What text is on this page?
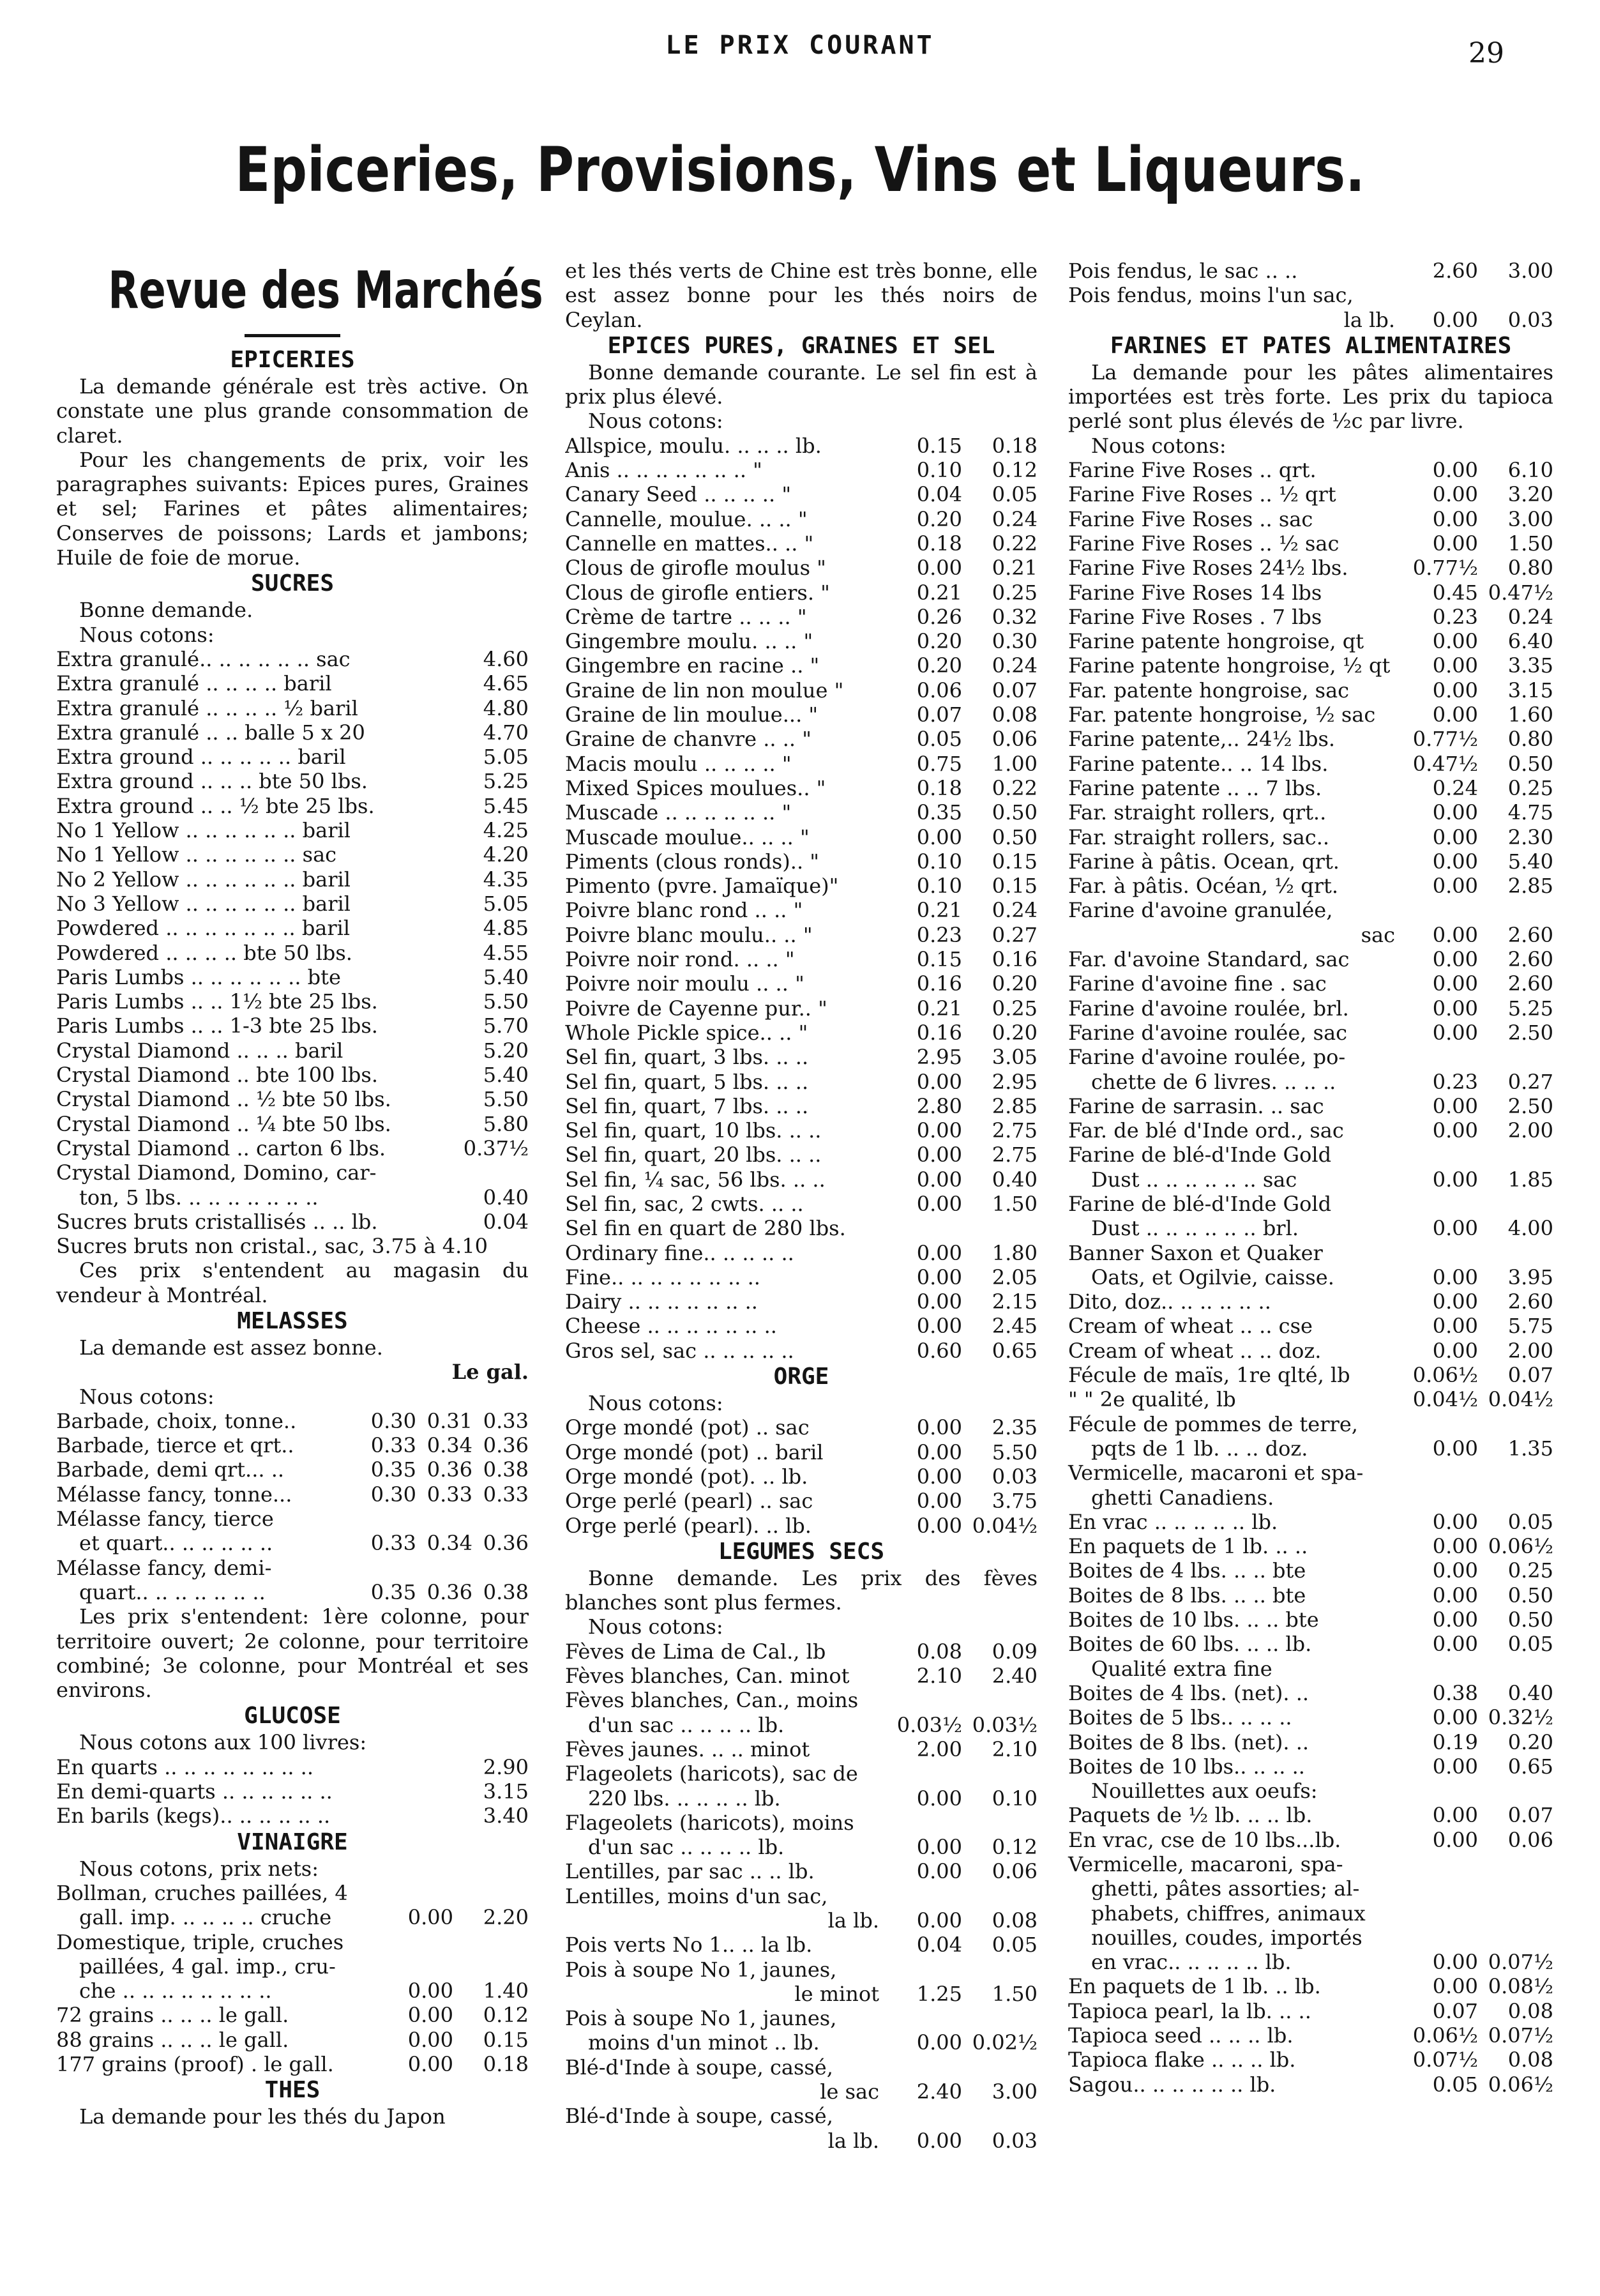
LE PRIX COURANT	29
Epiceries, Provisions, Vins et Liqueurs.
Revue des Marchés
EPICERIES
La demande générale est très active. On constate une plus grande consommation de claret.
Pour les changements de prix, voir les paragraphes suivants: Epices pures, Graines et sel; Farines et pâtes alimentaires; Conserves de poissons; Lards et jambons; Huile de foie de morue.
SUCRES
Bonne demande.
Nous cotons:
Extra granulé.. .. .. .. .. .. sac	4.60
Extra granulé .. .. .. .. baril	4.65
Extra granulé .. .. .. .. ½ baril	4.80
Extra granulé .. .. balle 5 x 20	4.70
Extra ground .. .. .. .. .. baril	5.05
Extra ground .. .. .. bte 50 lbs.	5.25
Extra ground .. .. ½ bte 25 lbs.	5.45
No 1 Yellow .. .. .. .. .. .. baril	4.25
No 1 Yellow .. .. .. .. .. .. sac	4.20
No 2 Yellow .. .. .. .. .. .. baril	4.35
No 3 Yellow .. .. .. .. .. .. baril	5.05
Powdered .. .. .. .. .. .. .. baril	4.85
Powdered .. .. .. .. bte 50 lbs.	4.55
Paris Lumbs .. .. .. .. .. .. bte	5.40
Paris Lumbs .. .. 1½ bte 25 lbs.	5.50
Paris Lumbs .. .. 1-3 bte 25 lbs.	5.70
Crystal Diamond .. .. .. baril	5.20
Crystal Diamond .. bte 100 lbs.	5.40
Crystal Diamond .. ½ bte 50 lbs.	5.50
Crystal Diamond .. ¼ bte 50 lbs.	5.80
Crystal Diamond .. carton 6 lbs.	0.37½
Crystal Diamond, Domino, car-
ton, 5 lbs. .. .. .. .. .. .. ..	0.40
Sucres bruts cristallisés .. .. lb.	0.04
Sucres bruts non cristal., sac, 3.75 à 4.10
Ces prix s'entendent au magasin du vendeur à Montréal.
MELASSES
La demande est assez bonne.
Le gal.
Nous cotons:
Barbade, choix, tonne..	0.30 0.31 0.33
Barbade, tierce et qrt..	0.33 0.34 0.36
Barbade, demi qrt... ..	0.35 0.36 0.38
Mélasse fancy, tonne...	0.30 0.33 0.33
Mélasse fancy, tierce
et quart.. .. .. .. .. ..	0.33 0.34 0.36
Mélasse fancy, demi-
quart.. .. .. .. .. .. ..	0.35 0.36 0.38
Les prix s'entendent: 1ère colonne, pour territoire ouvert; 2e colonne, pour territoire combiné; 3e colonne, pour Montréal et ses environs.
GLUCOSE
Nous cotons aux 100 livres:
En quarts .. .. .. .. .. .. .. ..	2.90
En demi-quarts .. .. .. .. .. ..	3.15
En barils (kegs).. .. .. .. .. ..	3.40
VINAIGRE
Nous cotons, prix nets:
Bollman, cruches paillées, 4
gall. imp. .. .. .. .. cruche	0.00	2.20
Domestique, triple, cruches
paillées, 4 gal. imp., cru-
che .. .. .. .. .. .. .. ..	0.00	1.40
72 grains .. .. .. le gall.	0.00	0.12
88 grains .. .. .. le gall.	0.00	0.15
177 grains (proof) . le gall.	0.00	0.18
THES
La demande pour les thés du Japon
et les thés verts de Chine est très bonne, elle est assez bonne pour les thés noirs de Ceylan.
EPICES PURES, GRAINES ET SEL
Bonne demande courante. Le sel fin est à prix plus élevé.
Nous cotons:
Allspice, moulu. .. .. .. lb.	0.15	0.18
Anis .. .. .. .. .. .. .. "	0.10	0.12
Canary Seed .. .. .. .. "	0.04	0.05
Cannelle, moulue. .. .. "	0.20	0.24
Cannelle en mattes.. .. "	0.18	0.22
Clous de girofle moulus "	0.00	0.21
Clous de girofle entiers. "	0.21	0.25
Crème de tartre .. .. .. "	0.26	0.32
Gingembre moulu. .. .. "	0.20	0.30
Gingembre en racine .. "	0.20	0.24
Graine de lin non moulue "	0.06	0.07
Graine de lin moulue... "	0.07	0.08
Graine de chanvre .. .. "	0.05	0.06
Macis moulu .. .. .. .. "	0.75	1.00
Mixed Spices moulues.. "	0.18	0.22
Muscade .. .. .. .. .. .. "	0.35	0.50
Muscade moulue.. .. .. "	0.00	0.50
Piments (clous ronds).. "	0.10	0.15
Pimento (pvre. Jamaïque)"	0.10	0.15
Poivre blanc rond .. .. "	0.21	0.24
Poivre blanc moulu.. .. "	0.23	0.27
Poivre noir rond. .. .. "	0.15	0.16
Poivre noir moulu .. .. "	0.16	0.20
Poivre de Cayenne pur.. "	0.21	0.25
Whole Pickle spice.. .. "	0.16	0.20
Sel fin, quart, 3 lbs. .. ..	2.95	3.05
Sel fin, quart, 5 lbs. .. ..	0.00	2.95
Sel fin, quart, 7 lbs. .. ..	2.80	2.85
Sel fin, quart, 10 lbs. .. ..	0.00	2.75
Sel fin, quart, 20 lbs. .. ..	0.00	2.75
Sel fin, ¼ sac, 56 lbs. .. ..	0.00	0.40
Sel fin, sac, 2 cwts. .. ..	0.00	1.50
Sel fin en quart de 280 lbs.
Ordinary fine.. .. .. .. ..	0.00	1.80
Fine.. .. .. .. .. .. .. ..	0.00	2.05
Dairy .. .. .. .. .. .. ..	0.00	2.15
Cheese .. .. .. .. .. .. ..	0.00	2.45
Gros sel, sac .. .. .. .. ..	0.60	0.65
ORGE
Nous cotons:
Orge mondé (pot) .. sac	0.00	2.35
Orge mondé (pot) .. baril	0.00	5.50
Orge mondé (pot). .. lb.	0.00	0.03
Orge perlé (pearl) .. sac	0.00	3.75
Orge perlé (pearl). .. lb.	0.00 0.04½
LEGUMES SECS
Bonne demande. Les prix des fèves blanches sont plus fermes.
Nous cotons:
Fèves de Lima de Cal., lb	0.08	0.09
Fèves blanches, Can. minot	2.10	2.40
Fèves blanches, Can., moins
d'un sac .. .. .. .. lb.	0.03½ 0.03½
Fèves jaunes. .. .. minot	2.00	2.10
Flageolets (haricots), sac de
220 lbs. .. .. .. .. lb.	0.00	0.10
Flageolets (haricots), moins
d'un sac .. .. .. .. lb.	0.00	0.12
Lentilles, par sac .. .. lb.	0.00	0.06
Lentilles, moins d'un sac,
la lb.	0.00	0.08
Pois verts No 1.. .. la lb.	0.04	0.05
Pois à soupe No 1, jaunes,
le minot	1.25	1.50
Pois à soupe No 1, jaunes,
moins d'un minot .. lb.	0.00 0.02½
Blé-d'Inde à soupe, cassé,
le sac	2.40	3.00
Blé-d'Inde à soupe, cassé,
la lb.	0.00	0.03
Pois fendus, le sac .. ..	2.60	3.00
Pois fendus, moins l'un sac,
la lb.	0.00	0.03
FARINES ET PATES ALIMENTAIRES
La demande pour les pâtes alimentaires importées est très forte. Les prix du tapioca perlé sont plus élevés de ½c par livre.
Nous cotons:
Farine Five Roses .. qrt.	0.00	6.10
Farine Five Roses .. ½ qrt	0.00	3.20
Farine Five Roses .. sac	0.00	3.00
Farine Five Roses .. ½ sac	0.00	1.50
Farine Five Roses 24½ lbs.	0.77½	0.80
Farine Five Roses 14 lbs	0.45 0.47½
Farine Five Roses . 7 lbs	0.23	0.24
Farine patente hongroise, qt	0.00	6.40
Farine patente hongroise, ½ qt	0.00	3.35
Far. patente hongroise, sac	0.00	3.15
Far. patente hongroise, ½ sac	0.00	1.60
Farine patente,.. 24½ lbs.	0.77½	0.80
Farine patente.. .. 14 lbs.	0.47½	0.50
Farine patente .. .. 7 lbs.	0.24	0.25
Far. straight rollers, qrt..	0.00	4.75
Far. straight rollers, sac..	0.00	2.30
Farine à pâtis. Ocean, qrt.	0.00	5.40
Far. à pâtis. Océan, ½ qrt.	0.00	2.85
Farine d'avoine granulée,
sac	0.00	2.60
Far. d'avoine Standard, sac	0.00	2.60
Farine d'avoine fine . sac	0.00	2.60
Farine d'avoine roulée, brl.	0.00	5.25
Farine d'avoine roulée, sac	0.00	2.50
Farine d'avoine roulée, po-
chette de 6 livres. .. .. ..	0.23	0.27
Farine de sarrasin. .. sac	0.00	2.50
Far. de blé d'Inde ord., sac	0.00	2.00
Farine de blé-d'Inde Gold
Dust .. .. .. .. .. .. sac	0.00	1.85
Farine de blé-d'Inde Gold
Dust .. .. .. .. .. .. brl.	0.00	4.00
Banner Saxon et Quaker
Oats, et Ogilvie, caisse.	0.00	3.95
Dito, doz.. .. .. .. .. ..	0.00	2.60
Cream of wheat .. .. cse	0.00	5.75
Cream of wheat .. .. doz.	0.00	2.00
Fécule de maïs, 1re qlté, lb	0.06½	0.07
" " 2e qualité, lb	0.04½ 0.04½
Fécule de pommes de terre,
pqts de 1 lb. .. .. doz.	0.00	1.35
Vermicelle, macaroni et spa-
ghetti Canadiens.
En vrac .. .. .. .. .. lb.	0.00	0.05
En paquets de 1 lb. .. ..	0.00 0.06½
Boites de 4 lbs. .. .. bte	0.00	0.25
Boites de 8 lbs. .. .. bte	0.00	0.50
Boites de 10 lbs. .. .. bte	0.00	0.50
Boites de 60 lbs. .. .. lb.	0.00	0.05
Qualité extra fine
Boites de 4 lbs. (net). ..	0.38	0.40
Boites de 5 lbs.. .. .. ..	0.00 0.32½
Boites de 8 lbs. (net). ..	0.19	0.20
Boites de 10 lbs.. .. .. ..	0.00	0.65
Nouillettes aux oeufs:
Paquets de ½ lb. .. .. lb.	0.00	0.07
En vrac, cse de 10 lbs...lb.	0.00	0.06
Vermicelle, macaroni, spa-
ghetti, pâtes assorties; al-
phabets, chiffres, animaux
nouilles, coudes, importés
en vrac.. .. .. .. .. lb.	0.00 0.07½
En paquets de 1 lb. .. lb.	0.00 0.08½
Tapioca pearl, la lb. .. ..	0.07	0.08
Tapioca seed .. .. .. lb.	0.06½ 0.07½
Tapioca flake .. .. .. lb.	0.07½	0.08
Sagou.. .. .. .. .. .. lb.	0.05 0.06½
